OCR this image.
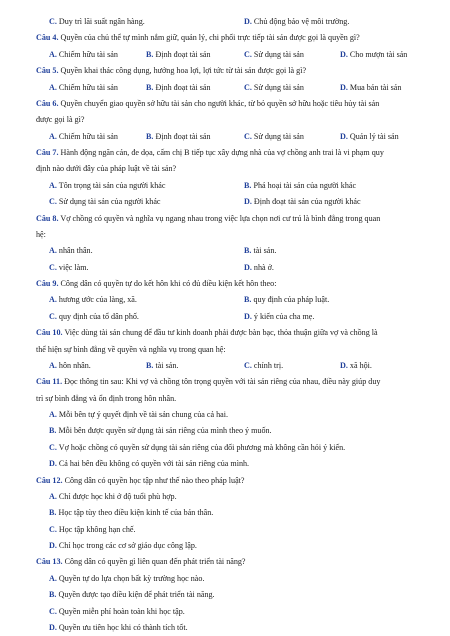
C. Duy trì lãi suất ngân hàng.	D. Chủ động bảo vệ môi trường.
Câu 4. Quyền của chủ thể tự mình nắm giữ, quản lý, chi phối trực tiếp tài sản được gọi là quyền gì?
A. Chiếm hữu tài sản	B. Định đoạt tài sản	C. Sử dụng tài sản	D. Cho mượn tài sản
Câu 5. Quyền khai thác công dụng, hưởng hoa lợi, lợi tức từ tài sản được gọi là gì?
A. Chiếm hữu tài sản	B. Định đoạt tài sản	C. Sử dụng tài sản	D. Mua bán tài sản
Câu 6. Quyền chuyển giao quyền sở hữu tài sản cho người khác, từ bỏ quyền sở hữu hoặc tiêu hủy tài sản
được gọi là gì?
A. Chiếm hữu tài sản	B. Định đoạt tài sản	C. Sử dụng tài sản	D. Quản lý tài sản
Câu 7. Hành động ngăn cản, đe dọa, cấm chị B tiếp tục xây dựng nhà của vợ chồng anh trai là vi phạm quy
định nào dưới đây của pháp luật về tài sản?
A. Tôn trọng tài sản của người khác	B. Phá hoại tài sản của người khác
C. Sử dụng tài sản của người khác	D. Định đoạt tài sản của người khác
Câu 8. Vợ chồng có quyền và nghĩa vụ ngang nhau trong việc lựa chọn nơi cư trú là bình đẳng trong quan
hệ:
A. nhân thân.	B. tài sản.
C. việc làm.	D. nhà ở.
Câu 9. Công dân có quyền tự do kết hôn khi có đủ điều kiện kết hôn theo:
A. hương ước của làng, xã.	B. quy định của pháp luật.
C. quy định của tổ dân phố.	D. ý kiến của cha mẹ.
Câu 10. Việc dùng tài sản chung để đầu tư kinh doanh phải được bàn bạc, thỏa thuận giữa vợ và chồng là
thể hiện sự bình đẳng về quyền và nghĩa vụ trong quan hệ:
A. hôn nhân.	B. tài sản.	C. chính trị.	D. xã hội.
Câu 11. Đọc thông tin sau: Khi vợ và chồng tôn trọng quyền với tài sản riêng của nhau, điều này giúp duy
trì sự bình đẳng và ổn định trong hôn nhân.
A. Mỗi bên tự ý quyết định về tài sản chung của cả hai.
B. Mỗi bên được quyền sử dụng tài sản riêng của mình theo ý muốn.
C. Vợ hoặc chồng có quyền sử dụng tài sản riêng của đối phương mà không cần hỏi ý kiến.
D. Cả hai bên đều không có quyền với tài sản riêng của mình.
Câu 12. Công dân có quyền học tập như thế nào theo pháp luật?
A. Chỉ được học khi ở độ tuổi phù hợp.
B. Học tập tùy theo điều kiện kinh tế của bản thân.
C. Học tập không hạn chế.
D. Chỉ học trong các cơ sở giáo dục công lập.
Câu 13. Công dân có quyền gì liên quan đến phát triển tài năng?
A. Quyền tự do lựa chọn bất kỳ trường học nào.
B. Quyền được tạo điều kiện để phát triển tài năng.
C. Quyền miễn phí hoàn toàn khi học tập.
D. Quyền ưu tiên học khi có thành tích tốt.
